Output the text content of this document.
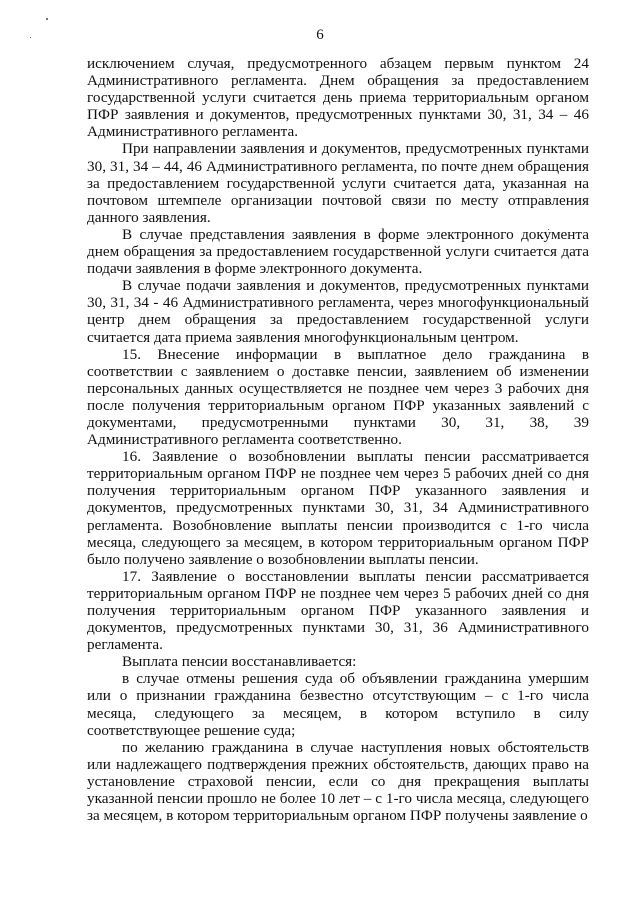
6

исключением случая, предусмотренного абзацем первым пунктом 24 Административного регламента. Днем обращения за предоставлением государственной услуги считается день приема территориальным органом ПФР заявления и документов, предусмотренных пунктами 30, 31, 34 – 46 Административного регламента.

При направлении заявления и документов, предусмотренных пунктами 30, 31, 34 – 44, 46 Административного регламента, по почте днем обращения за предоставлением государственной услуги считается дата, указанная на почтовом штемпеле организации почтовой связи по месту отправления данного заявления.

В случае представления заявления в форме электронного документа днем обращения за предоставлением государственной услуги считается дата подачи заявления в форме электронного документа.

В случае подачи заявления и документов, предусмотренных пунктами 30, 31, 34 - 46 Административного регламента, через многофункциональный центр днем обращения за предоставлением государственной услуги считается дата приема заявления многофункциональным центром.

15. Внесение информации в выплатное дело гражданина в соответствии с заявлением о доставке пенсии, заявлением об изменении персональных данных осуществляется не позднее чем через 3 рабочих дня после получения территориальным органом ПФР указанных заявлений с документами, предусмотренными пунктами 30, 31, 38, 39 Административного регламента соответственно.

16. Заявление о возобновлении выплаты пенсии рассматривается территориальным органом ПФР не позднее чем через 5 рабочих дней со дня получения территориальным органом ПФР указанного заявления и документов, предусмотренных пунктами 30, 31, 34 Административного регламента. Возобновление выплаты пенсии производится с 1-го числа месяца, следующего за месяцем, в котором территориальным органом ПФР было получено заявление о возобновлении выплаты пенсии.

17. Заявление о восстановлении выплаты пенсии рассматривается территориальным органом ПФР не позднее чем через 5 рабочих дней со дня получения территориальным органом ПФР указанного заявления и документов, предусмотренных пунктами 30, 31, 36 Административного регламента.

Выплата пенсии восстанавливается:

в случае отмены решения суда об объявлении гражданина умершим или о признании гражданина безвестно отсутствующим – с 1-го числа месяца, следующего за месяцем, в котором вступило в силу соответствующее решение суда;

по желанию гражданина в случае наступления новых обстоятельств или надлежащего подтверждения прежних обстоятельств, дающих право на установление страховой пенсии, если со дня прекращения выплаты указанной пенсии прошло не более 10 лет – с 1-го числа месяца, следующего за месяцем, в котором территориальным органом ПФР получены заявление о
